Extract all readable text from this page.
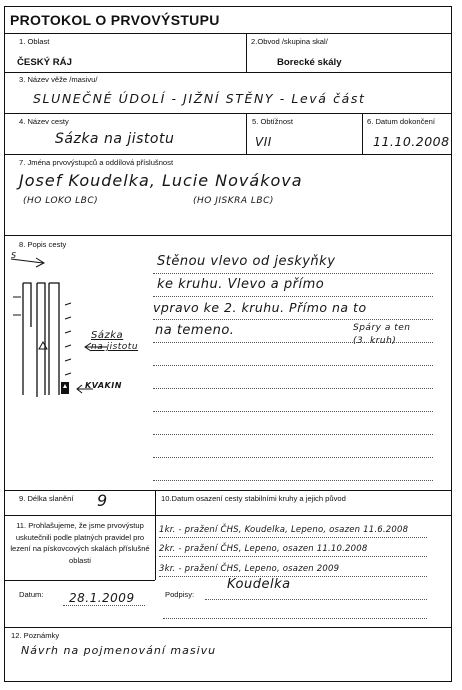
PROTOKOL O PRVOVÝSTUPU
1. Oblast
ČESKÝ RÁJ
2.Obvod /skupina skal/
Borecké skály
3. Název věže /masivu/
SLUNEČNÉ ÚDOLÍ - JIŽNÍ STĚNY - Levá část
4. Název cesty
Sázka na jistotu
5. Obtížnost
VII
6. Datum dokončení
11.10.2008
7. Jména prvovýstupců a oddílová příslušnost
Josef Koudelka, Lucie Novákova
(HO LOKO LBC)	(HO JISKRA LBC)
8. Popis cesty
Stěnou vlevo od jeskyňky
ke kruhu. Vlevo a přímo
vpravo ke 2. kruhu. Přímo na to
na temeno.	Spáry a ten
(3. kruh)
S
Sázka
na jistotu
KVAKIN
9. Délka slanění 9	10.Datum osazení cesty stabilními kruhy a jejich původ
11. Prohlašujeme, že jsme prvovýstup uskutečnili podle platných pravidel pro lezení na pískovcových skalách příslušné oblasti
1kr. - pražení ČHS, Koudelka, Lepeno, osazen 11.6.2008
2kr. - pražení ČHS, Lepeno, osazen 11.10.2008
3kr. - pražení ČHS, Lepeno, osazen 2009
Datum: 28.1.2009	Podpisy:
Koudelka
12. Poznámky
Návrh na pojmenování masivu
